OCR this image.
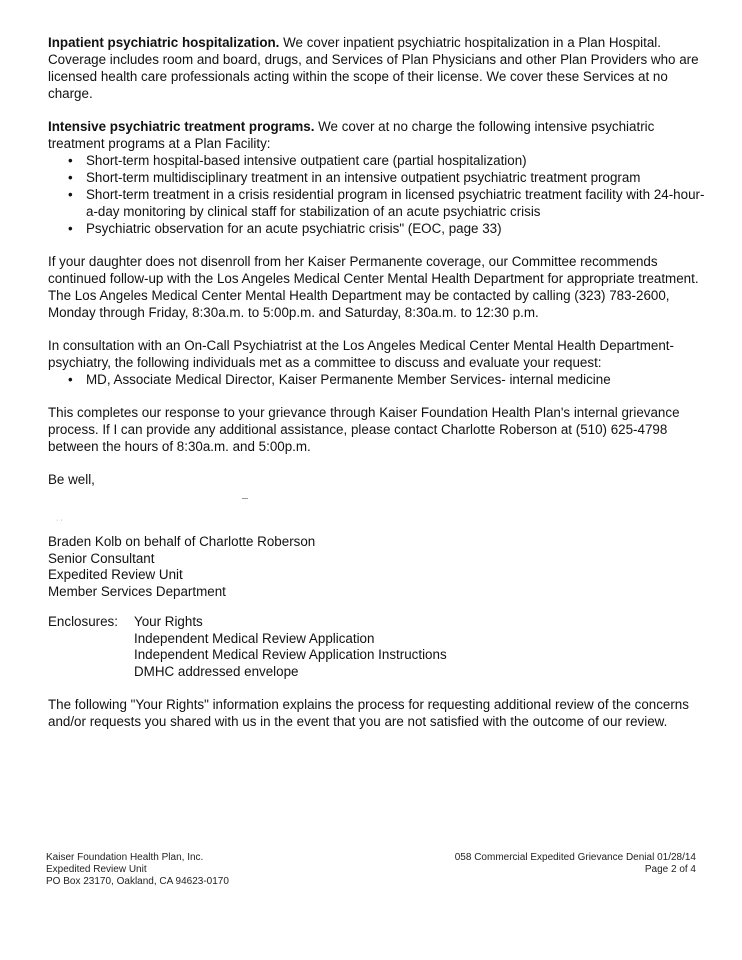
Inpatient psychiatric hospitalization. We cover inpatient psychiatric hospitalization in a Plan Hospital. Coverage includes room and board, drugs, and Services of Plan Physicians and other Plan Providers who are licensed health care professionals acting within the scope of their license. We cover these Services at no charge.

Intensive psychiatric treatment programs. We cover at no charge the following intensive psychiatric treatment programs at a Plan Facility:

• Short-term hospital-based intensive outpatient care (partial hospitalization)
• Short-term multidisciplinary treatment in an intensive outpatient psychiatric treatment program
• Short-term treatment in a crisis residential program in licensed psychiatric treatment facility with 24-hour-a-day monitoring by clinical staff for stabilization of an acute psychiatric crisis
• Psychiatric observation for an acute psychiatric crisis" (EOC, page 33)

If your daughter does not disenroll from her Kaiser Permanente coverage, our Committee recommends continued follow-up with the Los Angeles Medical Center Mental Health Department for appropriate treatment. The Los Angeles Medical Center Mental Health Department may be contacted by calling (323) 783-2600, Monday through Friday, 8:30a.m. to 5:00p.m. and Saturday, 8:30a.m. to 12:30 p.m.

In consultation with an On-Call Psychiatrist at the Los Angeles Medical Center Mental Health Department- psychiatry, the following individuals met as a committee to discuss and evaluate your request:

• MD, Associate Medical Director, Kaiser Permanente Member Services- internal medicine

This completes our response to your grievance through Kaiser Foundation Health Plan's internal grievance process. If I can provide any additional assistance, please contact Charlotte Roberson at (510) 625-4798 between the hours of 8:30a.m. and 5:00p.m.

Be well,

· ·

Braden Kolb on behalf of Charlotte Roberson

Senior Consultant

Expedited Review Unit

Member Services Department

Enclosures:	Your Rights
Independent Medical Review Application
Independent Medical Review Application Instructions
DMHC addressed envelope

The following "Your Rights" information explains the process for requesting additional review of the concerns and/or requests you shared with us in the event that you are not satisfied with the outcome of our review.

Kaiser Foundation Health Plan, Inc.
Expedited Review Unit
PO Box 23170, Oakland, CA 94623-0170
058 Commercial Expedited Grievance Denial 01/28/14
Page 2 of 4
